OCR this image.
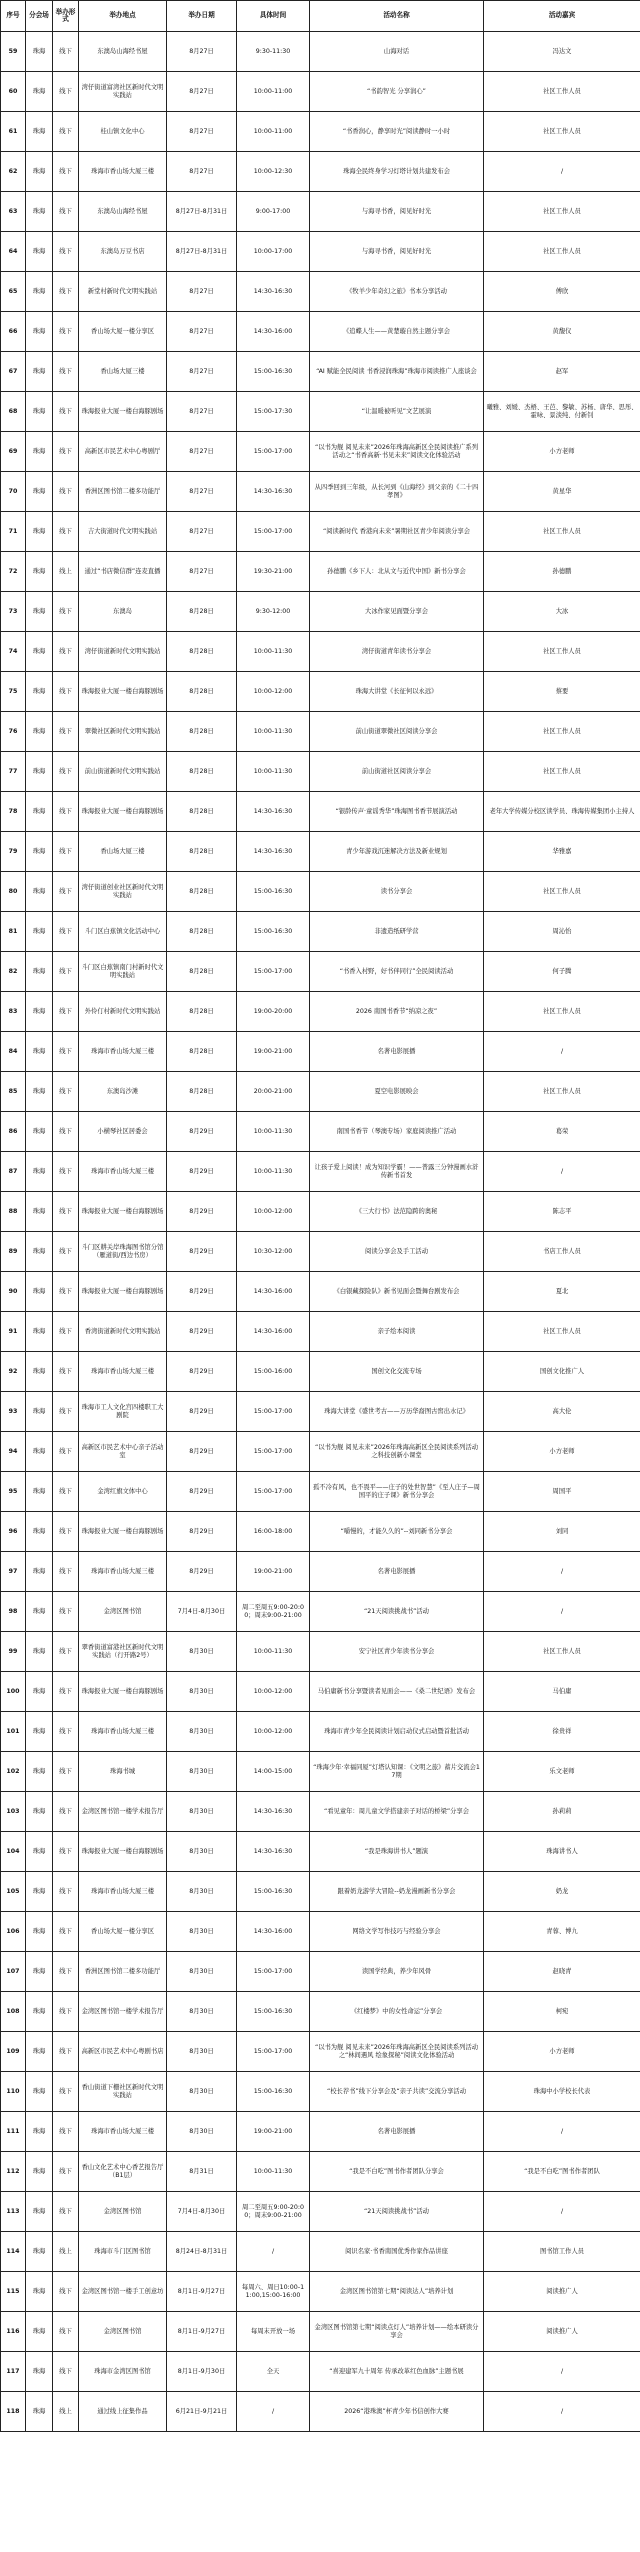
序号	分会场	举办形式	举办地点	举办日期	具体时间	活动名称	活动嘉宾
59	珠海	线下	东澳岛山海经书屋	8月27日	9:30-11:30	山海对话	冯达文
60	珠海	线下	湾仔街道富湾社区新时代文明实践站	8月27日	10:00-11:00	“书韵智光 分享润心”	社区工作人员
61	珠海	线下	桂山镇文化中心	8月27日	10:00-11:00	“书香润心，静享时光”阅读静时一小时	社区工作人员
62	珠海	线下	珠海市香山场大厦三楼	8月27日	10:00-12:30	珠海全民终身学习灯塔计划共建发布会	/
63	珠海	线下	东澳岛山海经书屋	8月27日-8月31日	9:00-17:00	与海寻书香，阅见好时光	社区工作人员
64	珠海	线下	东澳岛万豆书店	8月27日-8月31日	10:00-17:00	与海寻书香，阅见好时光	社区工作人员
65	珠海	线下	新堂村新时代文明实践站	8月27日	14:30-16:30	《牧羊少年奇幻之旅》书本分享活动	傅欣
66	珠海	线下	香山场大厦一楼分享区	8月27日	14:30-16:00	《追蝶人生——黄楚璇自然主题分享会	黄馥仪
67	珠海	线下	香山场大厦三楼	8月27日	15:00-16:30	“AI 赋能全民阅读 书香浸润珠海”珠海市阅读推广人座谈会	赵军
68	珠海	线下	珠海报业大厦一楼白海豚剧场	8月27日	15:00-17:30	“让温暖被听见”文艺展演	曦雅、刘媛、杰梧、王芭、黎敏、苏杨、唐华、思彤、霍咏、景淡纯、付新钊
69	珠海	线下	高新区市民艺术中心粤剧厅	8月27日	15:00-17:00	“以书为舰 阅见未来”2026年珠海高新区全民阅读推广系列活动之“书香高新·书见未来”阅读文化体验活动	小方老师
70	珠海	线下	香洲区图书馆二楼多功能厅	8月27日	14:30-16:30	从四季回到三年级，从长河到《山海经》到父亲的《二十四孝图》	黄星华
71	珠海	线下	吉大街道时代文明实践站	8月27日	15:00-17:00	“阅读新时代 香港向未来”暑期社区青少年阅读分享会	社区工作人员
72	珠海	线上	通过“书店微信群”连麦直播	8月27日	19:30-21:00	孙德鹏《乡下人：北从文与近代中国》新书分享会	孙德鹏
73	珠海	线下	东澳岛	8月28日	9:30-12:00	大冰作家见面暨分享会	大冰
74	珠海	线下	湾仔街道新时代文明实践站	8月28日	10:00-11:30	湾仔街道青年读书分享会	社区工作人员
75	珠海	线下	珠海报业大厦一楼白海豚剧场	8月28日	10:00-12:00	珠海大讲堂《长征何以永远》	蔡要
76	珠海	线下	翠微社区新时代文明实践站	8月28日	10:00-11:30	前山街道翠微社区阅读分享会	社区工作人员
77	珠海	线下	前山街道新时代文明实践站	8月28日	10:00-11:30	前山街道社区阅读分享会	社区工作人员
78	珠海	线下	珠海报业大厦一楼白海豚剧场	8月28日	14:30-16:30	“银龄传声·童谣秀华”珠海图书香节展演活动	老年大学传媒分校区读学员、珠海传媒集团小主持人
79	珠海	线下	香山场大厦三楼	8月28日	14:30-16:30	青少年游戏沉迷解决方法及新业规划	华雅嘉
80	珠海	线下	湾仔街道创业社区新时代文明实践站	8月28日	15:00-16:30	读书分享会	社区工作人员
81	珠海	线下	斗门区白蕉镇文化活动中心	8月28日	15:00-16:30	非遗造纸研学营	周沁怡
82	珠海	线下	斗门区白蕉镇南门村新时代文明实践站	8月28日	15:00-17:00	“书香入村野，好书伴同行”全民阅读活动	何子腾
83	珠海	线下	外伶仃村新时代文明实践站	8月28日	19:00-20:00	2026 南国书香节“纳凉之夜”	社区工作人员
84	珠海	线下	珠海市香山场大厦三楼	8月28日	19:00-21:00	名著电影展播	/
85	珠海	线下	东澳岛沙滩	8月28日	20:00-21:00	夏空电影展映会	社区工作人员
86	珠海	线下	小横琴社区居委会	8月29日	10:00-11:30	南国书香节（琴澳专场）家庭阅读推广活动	葛荣
87	珠海	线下	珠海市香山场大厦三楼	8月29日	10:00-11:30	让孩子爱上阅读！成为知识学霸！——普露三分钟漫画水浒传新书首发	/
88	珠海	线下	珠海报业大厦一楼白海豚剧场	8月29日	10:00-12:00	《三大行书》法范隐跨的奥秘	陈志平
89	珠海	线下	斗门区耕关岸珠海图书馆分馆（雁道街/西边书房）	8月29日	10:30-12:00	阅读分享会及手工活动	书店工作人员
90	珠海	线下	珠海报业大厦一楼白海豚剧场	8月29日	14:30-16:00	《白银藏探险队》新书见面会暨舞台剧发布会	夏北
91	珠海	线下	香湾街道新时代文明实践站	8月29日	14:30-16:00	亲子绘本阅读	社区工作人员
92	珠海	线下	珠海市香山场大厦三楼	8月29日	15:00-16:00	国创文化交流专场	国创文化推广人
93	珠海	线下	珠海市工人文化宫四楼职工大剧院	8月29日	15:00-17:00	珠海大讲堂《盛世考古——万历华裔图古窖出水记》	高大伦
94	珠海	线下	高新区市民艺术中心亲子活动室	8月29日	15:00-17:00	“以书为舰 阅见未来”2026年珠海高新区全民阅读系列活动之科技创新小课堂	小方老师
95	珠海	线下	金湾红旗文体中心	8月29日	15:00-17:00	孤不冷有风，也不畏平——庄子的处世智慧”《至人庄子—周国平的庄子课》新书分享会	周国平
96	珠海	线下	珠海报业大厦一楼白海豚剧场	8月29日	16:00-18:00	“嚼慢的，才能久久的”--刘同新书分享会	刘同
97	珠海	线下	珠海市香山场大厦三楼	8月29日	19:00-21:00	名著电影展播	/
98	珠海	线下	金湾区图书馆	7月4日-8月30日	周二至周五9:00-20:00；周末9:00-21:00	“21天阅读挑战书”活动	/
99	珠海	线下	翠香街道富港社区新时代文明实践站（行开路2号）	8月30日	10:00-11:30	安宁社区青少年读书分享会	社区工作人员
100	珠海	线下	珠海报业大厦一楼白海豚剧场	8月30日	10:00-12:00	马伯庸新书分享暨读者见面会——《桑二世纪语》发布会	马伯庸
101	珠海	线下	珠海市香山场大厦三楼	8月30日	10:00-12:00	珠海市青少年全民阅读计划启动仪式启动暨首批活动	徐贵祥
102	珠海	线下	珠海书城	8月30日	14:00-15:00	“珠海少年·幸福同厦”灯塔认知课：《文明之旅》蓄片交流会17期	乐文老师
103	珠海	线下	金湾区图书馆一楼学术报告厅	8月30日	14:30-16:30	“看见童年：周儿童文学搭建亲子对话的桥梁”分享会	孙莉莉
104	珠海	线下	珠海报业大厦一楼白海豚剧场	8月30日	14:30-16:30	“我是珠海讲书人”题演	珠海讲书人
105	珠海	线下	珠海市香山场大厦三楼	8月30日	15:00-16:30	跟着奶龙游学大冒险--奶龙漫画新书分享会	奶龙
106	珠海	线下	香山场大厦一楼分享区	8月30日	14:30-16:00	网络文学写作技巧与经验分享会	青蓉、博九
107	珠海	线下	香洲区图书馆二楼多功能厅	8月30日	15:00-17:00	读国学经典，养少年风骨	赵晓青
108	珠海	线下	金湾区图书馆一楼学术报告厅	8月30日	15:00-16:30	《红楼梦》中的女性命运”分享会	柯宛
109	珠海	线下	高新区市民艺术中心粤剧书店	8月30日	15:00-17:00	“以书为舰 阅见未来”2026年珠海高新区全民阅读系列活动之“林间遇风 绘象探秘”阅读文化体验活动	小方老师
110	珠海	线下	香山街道下栅社区新时代文明实践站	8月30日	15:00-16:30	“校长荐书”线下分享会及“亲子共读”交流分享活动	珠海中小学校长代表
111	珠海	线下	珠海市香山场大厦三楼	8月30日	19:00-21:00	名著电影展播	/
112	珠海	线下	香山文化艺术中心香艺报告厅（B1层）	8月31日	10:00-11:30	“我是不白吃”图书作者团队分享会	“我是不白吃”图书作者团队
113	珠海	线下	金湾区图书馆	7月4日-8月30日	周二至周五9:00-20:00；周末9:00-21:00	“21天阅读挑战书”活动	/
114	珠海	线上	珠海市斗门区图书馆	8月24日-8月31日	/	阅识名家·书香南国优秀作家作品讲座	图书馆工作人员
115	珠海	线下	金湾区图书馆一楼手工创意坊	8月1日-9月27日	每周六、周日10:00-11:00,15:00-16:00	金湾区图书馆第七期“阅读达人”培养计划	阅读推广人
116	珠海	线下	金湾区图书馆	8月1日-9月27日	每周末开放一场	金湾区图书馆第七期“阅读点灯人”培养计划——绘本研读分享会	阅读推广人
117	珠海	线下	珠海市金湾区图书馆	8月1日-9月30日	全天	“喜迎建军九十周年 传承改革红色血脉”主题书展	/
118	珠海	线上	通过线上征集作品	6月21日-9月21日	/	2026“港珠澳”杯青少年书信创作大赛	/
